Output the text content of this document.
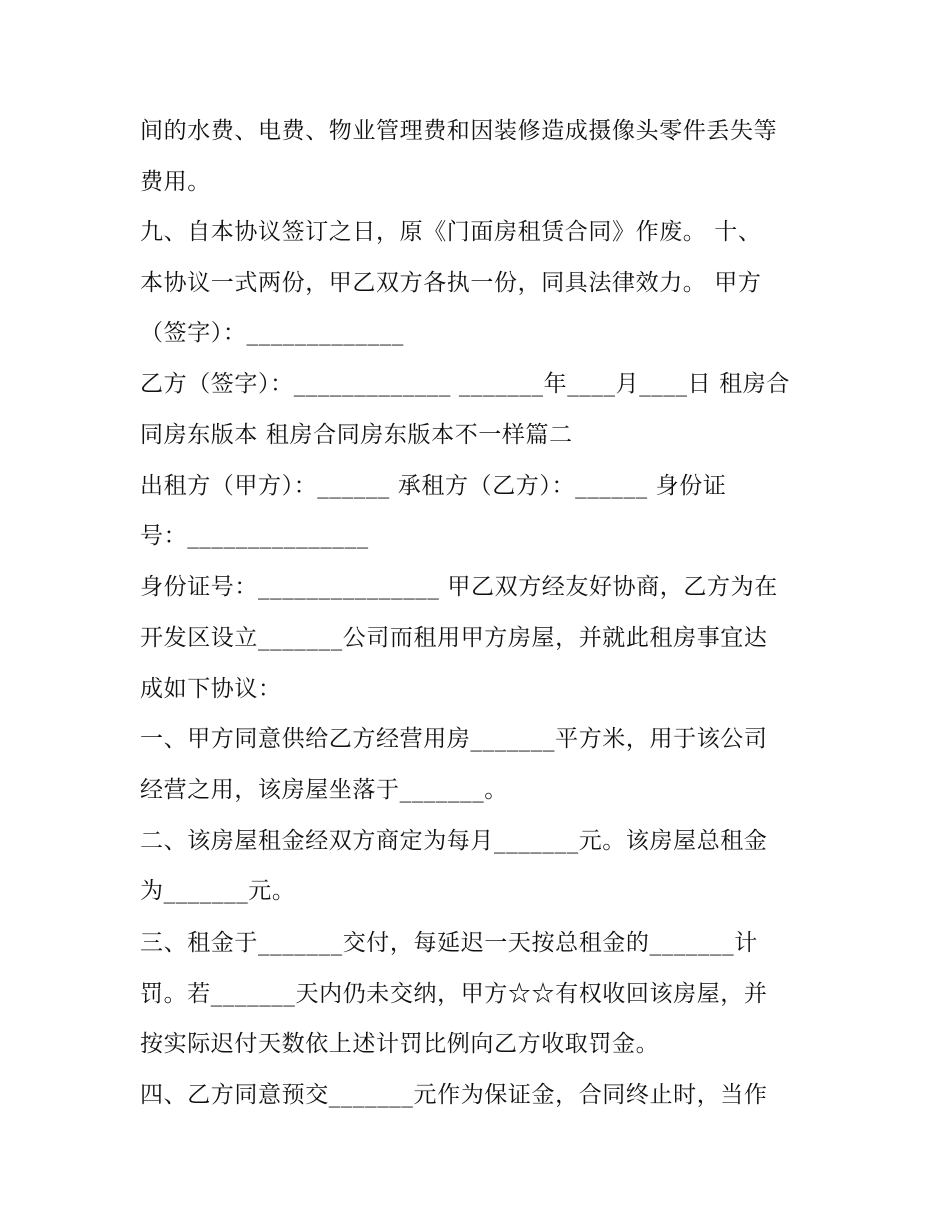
间的水费、电费、物业管理费和因装修造成摄像头零件丢失等
费用。
九、自本协议签订之日，原《门面房租赁合同》作废。 十、
本协议一式两份，甲乙双方各执一份，同具法律效力。 甲方
（签字）：_____________
乙方（签字）：_____________ _______年____月____日 租房合
同房东版本 租房合同房东版本不一样篇二
出租方（甲方）：______ 承租方（乙方）：______ 身份证
号：_______________
身份证号：_______________ 甲乙双方经友好协商，乙方为在
开发区设立_______公司而租用甲方房屋，并就此租房事宜达
成如下协议：
一、甲方同意供给乙方经营用房_______平方米，用于该公司
经营之用，该房屋坐落于_______。
二、该房屋租金经双方商定为每月_______元。该房屋总租金
为_______元。
三、租金于_______交付，每延迟一天按总租金的_______计
罚。若_______天内仍未交纳，甲方☆☆有权收回该房屋，并
按实际迟付天数依上述计罚比例向乙方收取罚金。
四、乙方同意预交_______元作为保证金，合同终止时，当作
